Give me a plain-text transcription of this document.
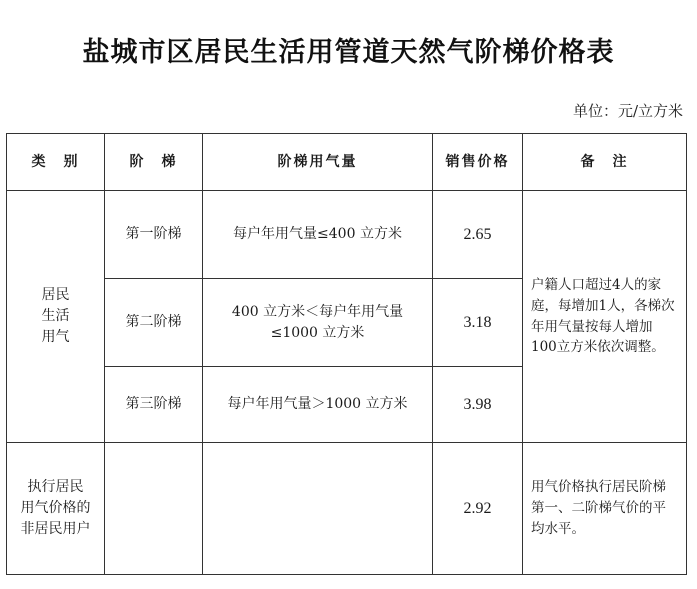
盐城市区居民生活用管道天然气阶梯价格表
单位：元/立方米
类　别	阶　梯	阶梯用气量	销售价格	备　注
居民
生活
用气	第一阶梯	每户年用气量≤400 立方米	2.65	户籍人口超过4人的家庭，每增加1人，各梯次年用气量按每人增加100立方米依次调整。
	第二阶梯	400 立方米＜每户年用气量
≤1000 立方米	3.18	
	第三阶梯	每户年用气量＞1000 立方米	3.98	
执行居民
用气价格的
非居民用户			2.92	用气价格执行居民阶梯第一、二阶梯气价的平均水平。
